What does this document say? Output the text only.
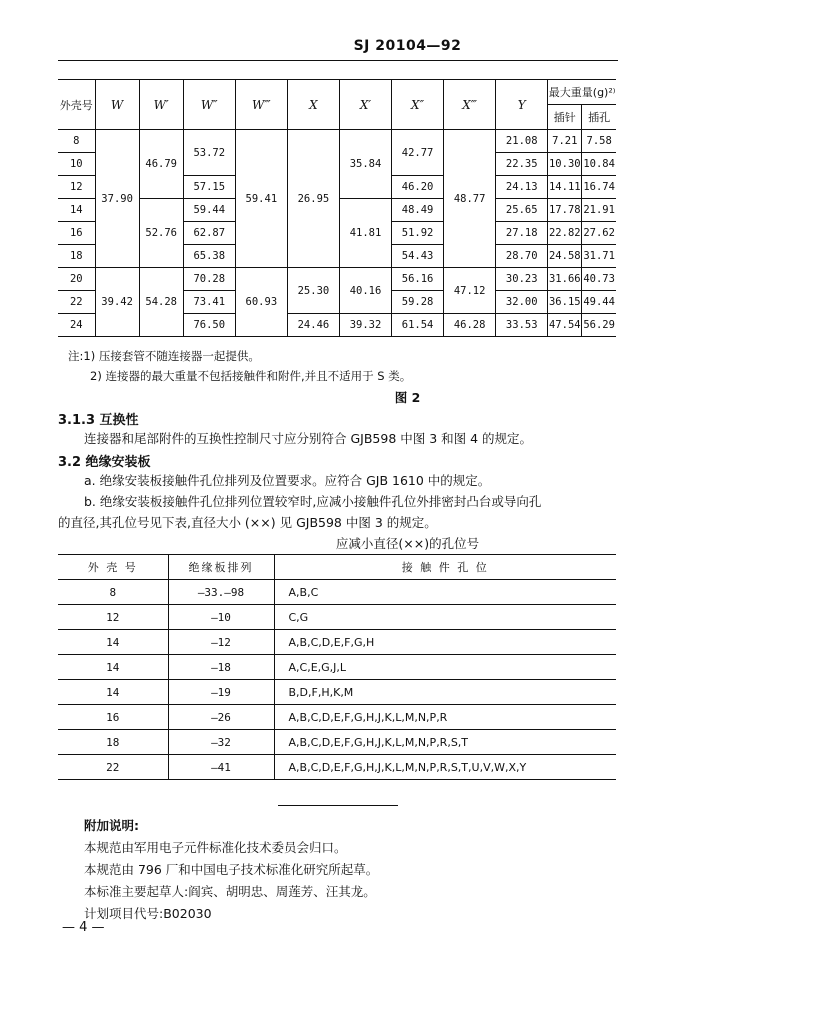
SJ 20104—92
外壳号	W	W′	W″	W‴	X	X′	X″	X‴	Y	最大重量(g)²⁾	
										插针	插孔
8	37.90	46.79	53.72	59.41	26.95	35.84	42.77	48.77	21.08	7.21	7.58
10									22.35	10.30	10.84
12			57.15				46.20		24.13	14.11	16.74
14		52.76	59.44			41.81	48.49		25.65	17.78	21.91
16			62.87				51.92		27.18	22.82	27.62
18			65.38				54.43		28.70	24.58	31.71
20	39.42	54.28	70.28	60.93	25.30	40.16	56.16	47.12	30.23	31.66	40.73
22			73.41				59.28		32.00	36.15	49.44
24			76.50		24.46	39.32	61.54	46.28	33.53	47.54	56.29
注:1) 压接套管不随连接器一起提供。
2) 连接器的最大重量不包括接触件和附件,并且不适用于 S 类。
图 2
3.1.3 互换性
连接器和尾部附件的互换性控制尺寸应分别符合 GJB598 中图 3 和图 4 的规定。
3.2 绝缘安装板
a. 绝缘安装板接触件孔位排列及位置要求。应符合 GJB 1610 中的规定。
b. 绝缘安装板接触件孔位排列位置较窄时,应减小接触件孔位外排密封凸台或导向孔
的直径,其孔位号见下表,直径大小 (××) 见 GJB598 中图 3 的规定。
应减小直径(××)的孔位号
外 壳 号	绝缘板排列	接 触 件 孔 位
8	—33.—98	A,B,C
12	—10	C,G
14	—12	A,B,C,D,E,F,G,H
14	—18	A,C,E,G,J,L
14	—19	B,D,F,H,K,M
16	—26	A,B,C,D,E,F,G,H,J,K,L,M,N,P,R
18	—32	A,B,C,D,E,F,G,H,J,K,L,M,N,P,R,S,T
22	—41	A,B,C,D,E,F,G,H,J,K,L,M,N,P,R,S,T,U,V,W,X,Y
附加说明:
本规范由军用电子元件标准化技术委员会归口。
本规范由 796 厂和中国电子技术标准化研究所起草。
本标准主要起草人:阎宾、胡明忠、周莲芳、汪其龙。
计划项目代号:B02030
— 4 —
